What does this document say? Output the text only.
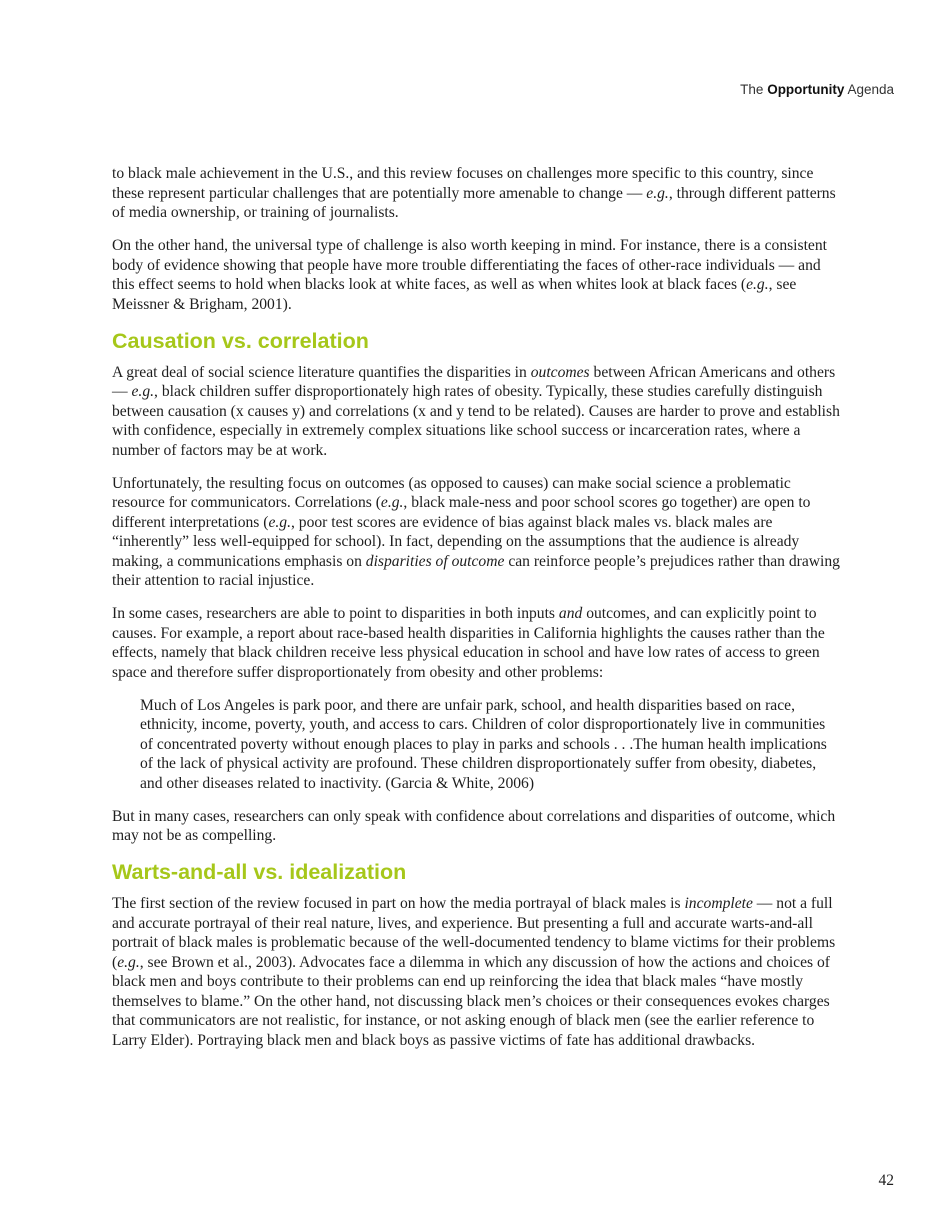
The Opportunity Agenda

to black male achievement in the U.S., and this review focuses on challenges more specific to this country, since these represent particular challenges that are potentially more amenable to change — e.g., through different patterns of media ownership, or training of journalists.

On the other hand, the universal type of challenge is also worth keeping in mind. For instance, there is a consistent body of evidence showing that people have more trouble differentiating the faces of other-race individuals — and this effect seems to hold when blacks look at white faces, as well as when whites look at black faces (e.g., see Meissner & Brigham, 2001).

Causation vs. correlation

A great deal of social science literature quantifies the disparities in outcomes between African Americans and others — e.g., black children suffer disproportionately high rates of obesity. Typically, these studies carefully distinguish between causation (x causes y) and correlations (x and y tend to be related). Causes are harder to prove and establish with confidence, especially in extremely complex situations like school success or incarceration rates, where a number of factors may be at work.

Unfortunately, the resulting focus on outcomes (as opposed to causes) can make social science a problematic resource for communicators. Correlations (e.g., black male-ness and poor school scores go together) are open to different interpretations (e.g., poor test scores are evidence of bias against black males vs. black males are “inherently” less well-equipped for school). In fact, depending on the assumptions that the audience is already making, a communications emphasis on disparities of outcome can reinforce people’s prejudices rather than drawing their attention to racial injustice.

In some cases, researchers are able to point to disparities in both inputs and outcomes, and can explicitly point to causes. For example, a report about race-based health disparities in California highlights the causes rather than the effects, namely that black children receive less physical education in school and have low rates of access to green space and therefore suffer disproportionately from obesity and other problems:

Much of Los Angeles is park poor, and there are unfair park, school, and health disparities based on race, ethnicity, income, poverty, youth, and access to cars. Children of color disproportionately live in communities of concentrated poverty without enough places to play in parks and schools . . .The human health implications of the lack of physical activity are profound. These children disproportionately suffer from obesity, diabetes, and other diseases related to inactivity. (Garcia & White, 2006)

But in many cases, researchers can only speak with confidence about correlations and disparities of outcome, which may not be as compelling.

Warts-and-all vs. idealization

The first section of the review focused in part on how the media portrayal of black males is incomplete — not a full and accurate portrayal of their real nature, lives, and experience. But presenting a full and accurate warts-and-all portrait of black males is problematic because of the well-documented tendency to blame victims for their problems (e.g., see Brown et al., 2003). Advocates face a dilemma in which any discussion of how the actions and choices of black men and boys contribute to their problems can end up reinforcing the idea that black males “have mostly themselves to blame.” On the other hand, not discussing black men’s choices or their consequences evokes charges that communicators are not realistic, for instance, or not asking enough of black men (see the earlier reference to Larry Elder). Portraying black men and black boys as passive victims of fate has additional drawbacks.

42
